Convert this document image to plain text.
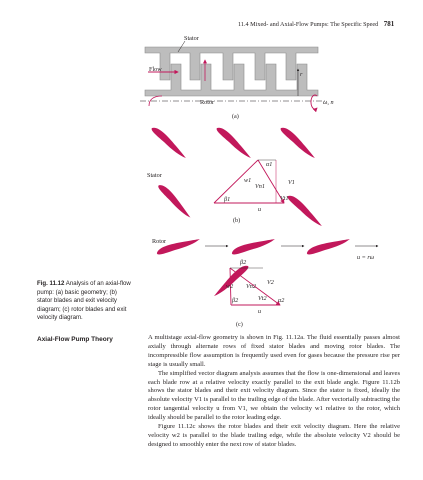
11.4 Mixed- and Axial-Flow Pumps: The Specific Speed 781
Stator
Flow
Rotor
r
ω, n
(a)
Stator
α1
w1
Vn1
V1
Vt1
β1
u
(b)
Rotor
u = rω
β2
w2 Vn2
V2
β2	Vt2 α2
u
(c)
Fig. 11.12 Analysis of an axial-flow pump: (a) basic geometry; (b) stator blades and exit velocity diagram; (c) rotor blades and exit velocity diagram.
Axial-Flow Pump Theory	A multistage axial-flow geometry is shown in Fig. 11.12a. The fluid essentially passes almost axially through alternate rows of fixed stator blades and moving rotor blades. The incompressible flow assumption is frequently used even for gases because the pressure rise per stage is usually small.

The simplified vector diagram analysis assumes that the flow is one-dimensional and leaves each blade row at a relative velocity exactly parallel to the exit blade angle. Figure 11.12b shows the stator blades and their exit velocity diagram. Since the stator is fixed, ideally the absolute velocity V1 is parallel to the trailing edge of the blade. After vectorially subtracting the rotor tangential velocity u from V1, we obtain the velocity w1 relative to the rotor, which ideally should be parallel to the rotor leading edge.

Figure 11.12c shows the rotor blades and their exit velocity diagram. Here the relative velocity w2 is parallel to the blade trailing edge, while the absolute velocity V2 should be designed to smoothly enter the next row of stator blades.
